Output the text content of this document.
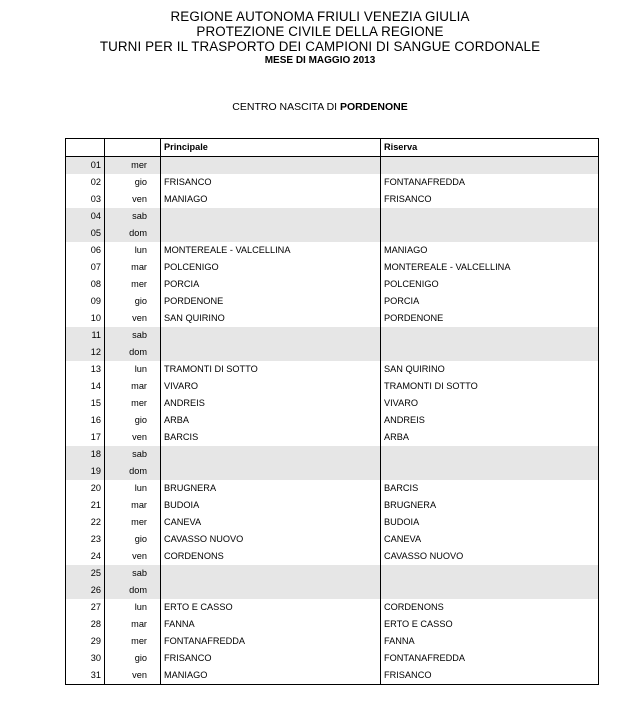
REGIONE AUTONOMA FRIULI VENEZIA GIULIA
PROTEZIONE CIVILE DELLA REGIONE
TURNI PER IL TRASPORTO DEI CAMPIONI DI SANGUE CORDONALE
MESE DI MAGGIO 2013
CENTRO NASCITA DI PORDENONE
		Principale	Riserva
01	mer		
02	gio	FRISANCO	FONTANAFREDDA
03	ven	MANIAGO	FRISANCO
04	sab		
05	dom		
06	lun	MONTEREALE - VALCELLINA	MANIAGO
07	mar	POLCENIGO	MONTEREALE - VALCELLINA
08	mer	PORCIA	POLCENIGO
09	gio	PORDENONE	PORCIA
10	ven	SAN QUIRINO	PORDENONE
11	sab		
12	dom		
13	lun	TRAMONTI DI SOTTO	SAN QUIRINO
14	mar	VIVARO	TRAMONTI DI SOTTO
15	mer	ANDREIS	VIVARO
16	gio	ARBA	ANDREIS
17	ven	BARCIS	ARBA
18	sab		
19	dom		
20	lun	BRUGNERA	BARCIS
21	mar	BUDOIA	BRUGNERA
22	mer	CANEVA	BUDOIA
23	gio	CAVASSO NUOVO	CANEVA
24	ven	CORDENONS	CAVASSO NUOVO
25	sab		
26	dom		
27	lun	ERTO E CASSO	CORDENONS
28	mar	FANNA	ERTO E CASSO
29	mer	FONTANAFREDDA	FANNA
30	gio	FRISANCO	FONTANAFREDDA
31	ven	MANIAGO	FRISANCO
